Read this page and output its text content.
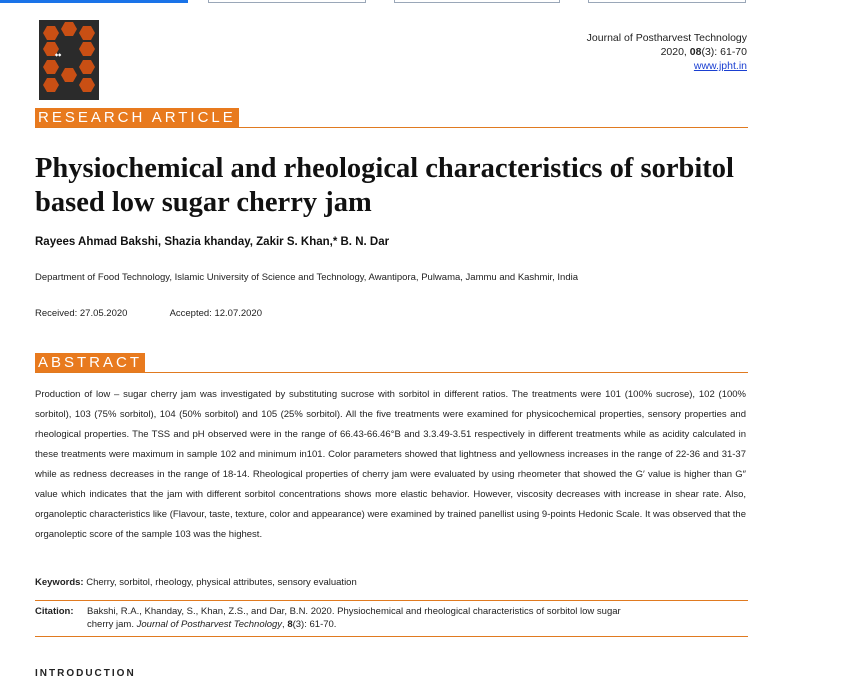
◆◆
Journal of Postharvest Technology
2020, 08(3): 61-70
www.jpht.in
RESEARCH ARTICLE
Physiochemical and rheological characteristics of sorbitol based low sugar cherry jam
Rayees Ahmad Bakshi, Shazia khanday, Zakir S. Khan,* B. N. Dar
Department of Food Technology, Islamic University of Science and Technology, Awantipora, Pulwama, Jammu and Kashmir, India
Received: 27.05.2020	Accepted: 12.07.2020
ABSTRACT

Production of low – sugar cherry jam was investigated by substituting sucrose with sorbitol in different ratios. The treatments were 101 (100% sucrose), 102 (100% sorbitol), 103 (75% sorbitol), 104 (50% sorbitol) and 105 (25% sorbitol). All the five treatments were examined for physicochemical properties, sensory properties and rheological properties. The TSS and pH observed were in the range of 66.43-66.46°B and 3.3.49-3.51 respectively in different treatments while as acidity calculated in these treatments were maximum in sample 102 and minimum in101. Color parameters showed that lightness and yellowness increases in the range of 22-36 and 31-37 while as redness decreases in the range of 18-14. Rheological properties of cherry jam were evaluated by using rheometer that showed the G′ value is higher than G″ value which indicates that the jam with different sorbitol concentrations shows more elastic behavior. However, viscosity decreases with increase in shear rate. Also, organoleptic characteristics like (Flavour, taste, texture, color and appearance) were examined by trained panellist using 9-points Hedonic Scale. It was observed that the organoleptic score of the sample 103 was the highest.

Keywords: Cherry, sorbitol, rheology, physical attributes, sensory evaluation
Citation:	Bakshi, R.A., Khanday, S., Khan, Z.S., and Dar, B.N. 2020. Physiochemical and rheological characteristics of sorbitol low sugar
cherry jam. Journal of Postharvest Technology, 8(3): 61-70.
INTRODUCTION
